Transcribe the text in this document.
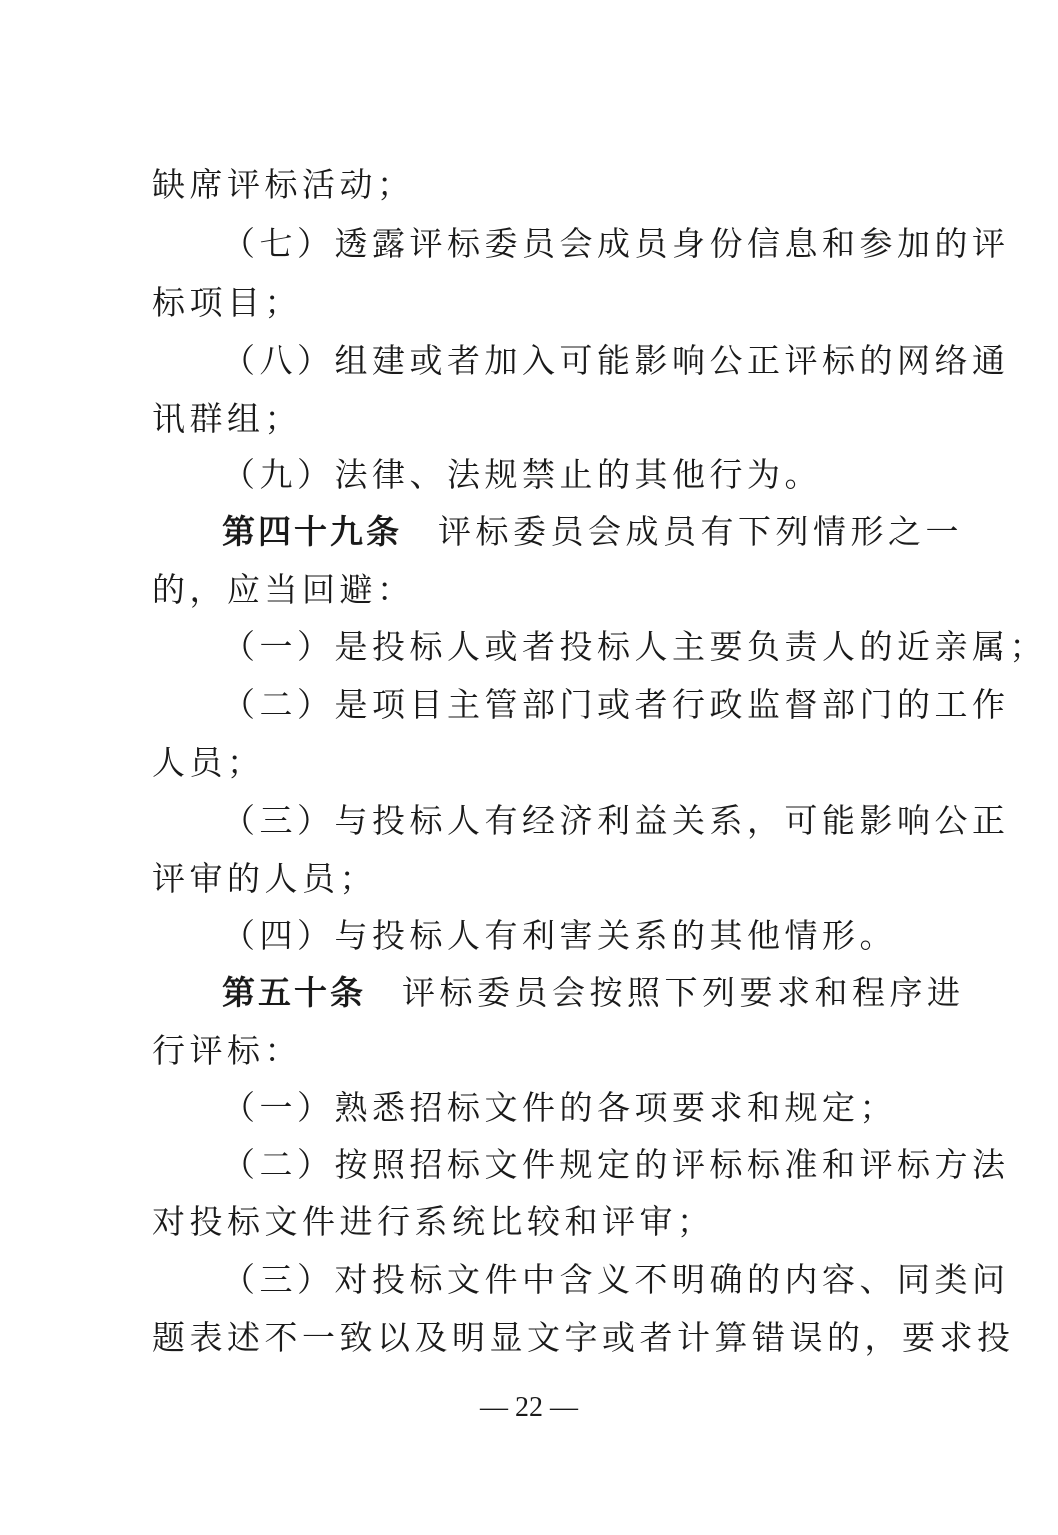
缺席评标活动；
（七）透露评标委员会成员身份信息和参加的评
标项目；
（八）组建或者加入可能影响公正评标的网络通
讯群组；
（九）法律、法规禁止的其他行为。
第四十九条 评标委员会成员有下列情形之一
的，应当回避：
（一）是投标人或者投标人主要负责人的近亲属；
（二）是项目主管部门或者行政监督部门的工作
人员；
（三）与投标人有经济利益关系，可能影响公正
评审的人员；
（四）与投标人有利害关系的其他情形。
第五十条 评标委员会按照下列要求和程序进
行评标：
（一）熟悉招标文件的各项要求和规定；
（二）按照招标文件规定的评标标准和评标方法
对投标文件进行系统比较和评审；
（三）对投标文件中含义不明确的内容、同类问
题表述不一致以及明显文字或者计算错误的，要求投
— 22 —
